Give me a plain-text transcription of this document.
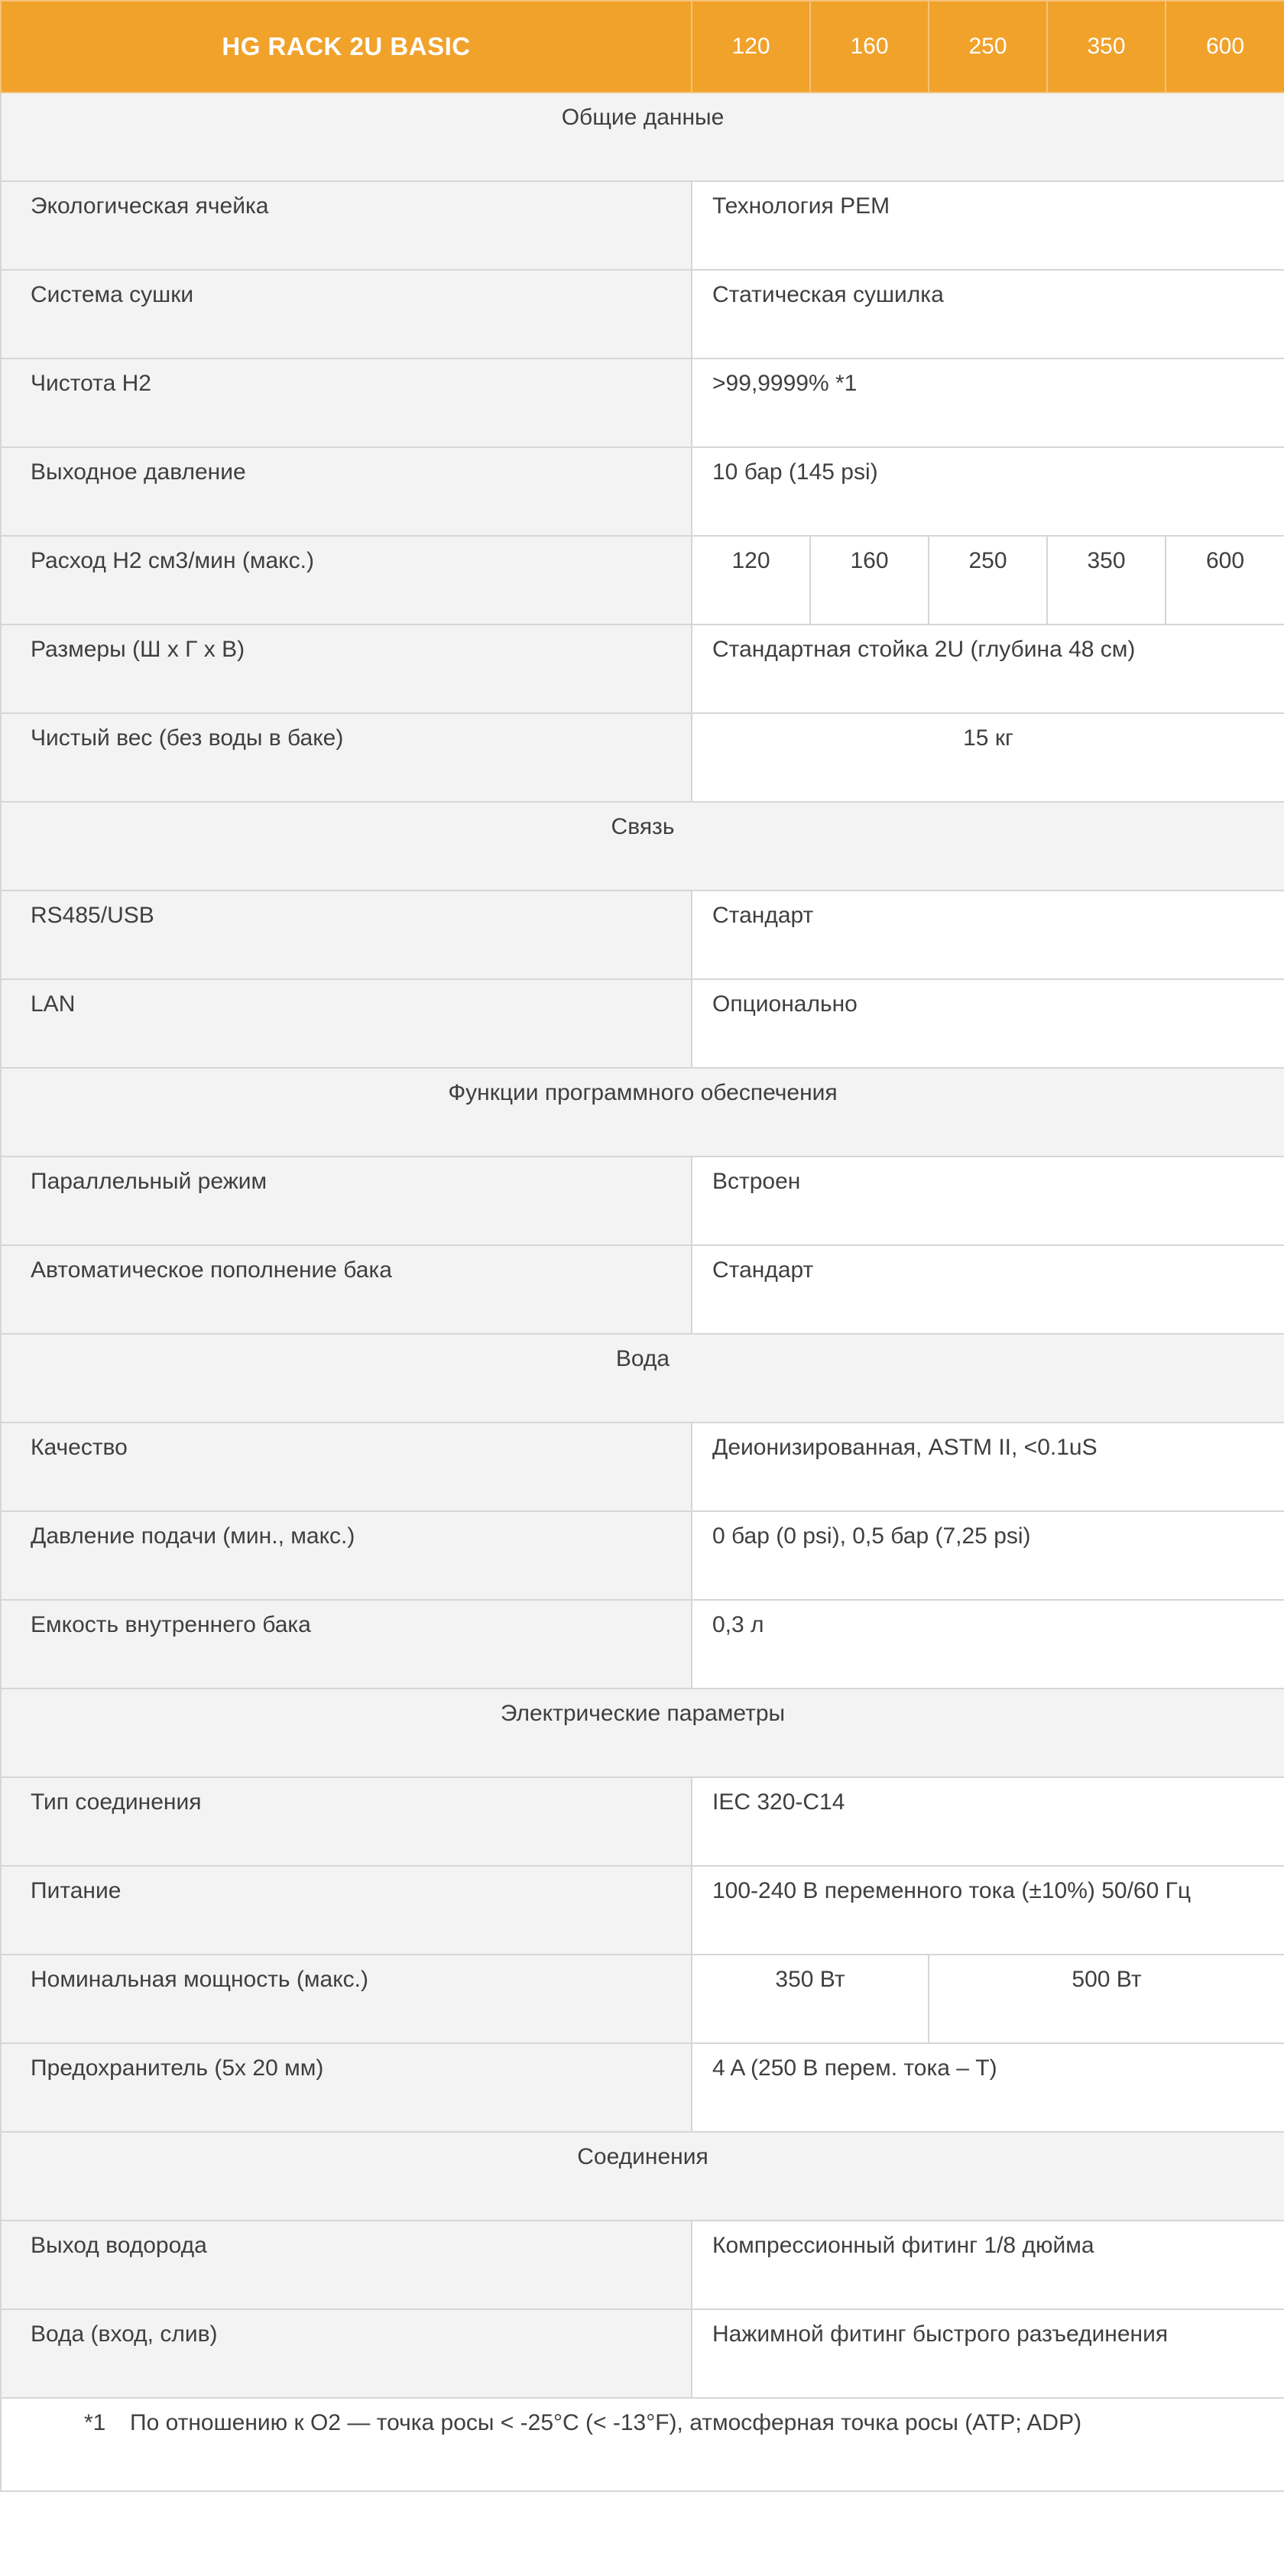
HG RACK 2U BASIC	120	160	250	350	600
Общие данные					
Экологическая ячейка	Технология PEM				
Система сушки	Статическая сушилка				
Чистота H2	>99,9999% *1				
Выходное давление	10 бар (145 psi)				
Расход H2 см3/мин (макс.)	120	160	250	350	600
Размеры (Ш x Г x В)	Стандартная стойка 2U (глубина 48 см)				
Чистый вес (без воды в баке)	15 кг				
Связь					
RS485/USB	Стандарт				
LAN	Опционально				
Функции программного обеспечения					
Параллельный режим	Встроен				
Автоматическое пополнение бака	Стандарт				
Вода					
Качество	Деионизированная, ASTM II, <0.1uS				
Давление подачи (мин., макс.)	0 бар (0 psi), 0,5 бар (7,25 psi)				
Емкость внутреннего бака	0,3 л				
Электрические параметры					
Тип соединения	IEC 320-C14				
Питание	100-240 В переменного тока (±10%) 50/60 Гц				
Номинальная мощность (макс.)	350 Вт		500 Вт		
Предохранитель (5x 20 мм)	4 A (250 В перем. тока – T)				
Соединения					
Выход водорода	Компрессионный фитинг 1/8 дюйма				
Вода (вход, слив)	Нажимной фитинг быстрого разъединения				
*1 По отношению к O2 — точка росы < -25°C (< -13°F), атмосферная точка росы (ATP; ADP)					
